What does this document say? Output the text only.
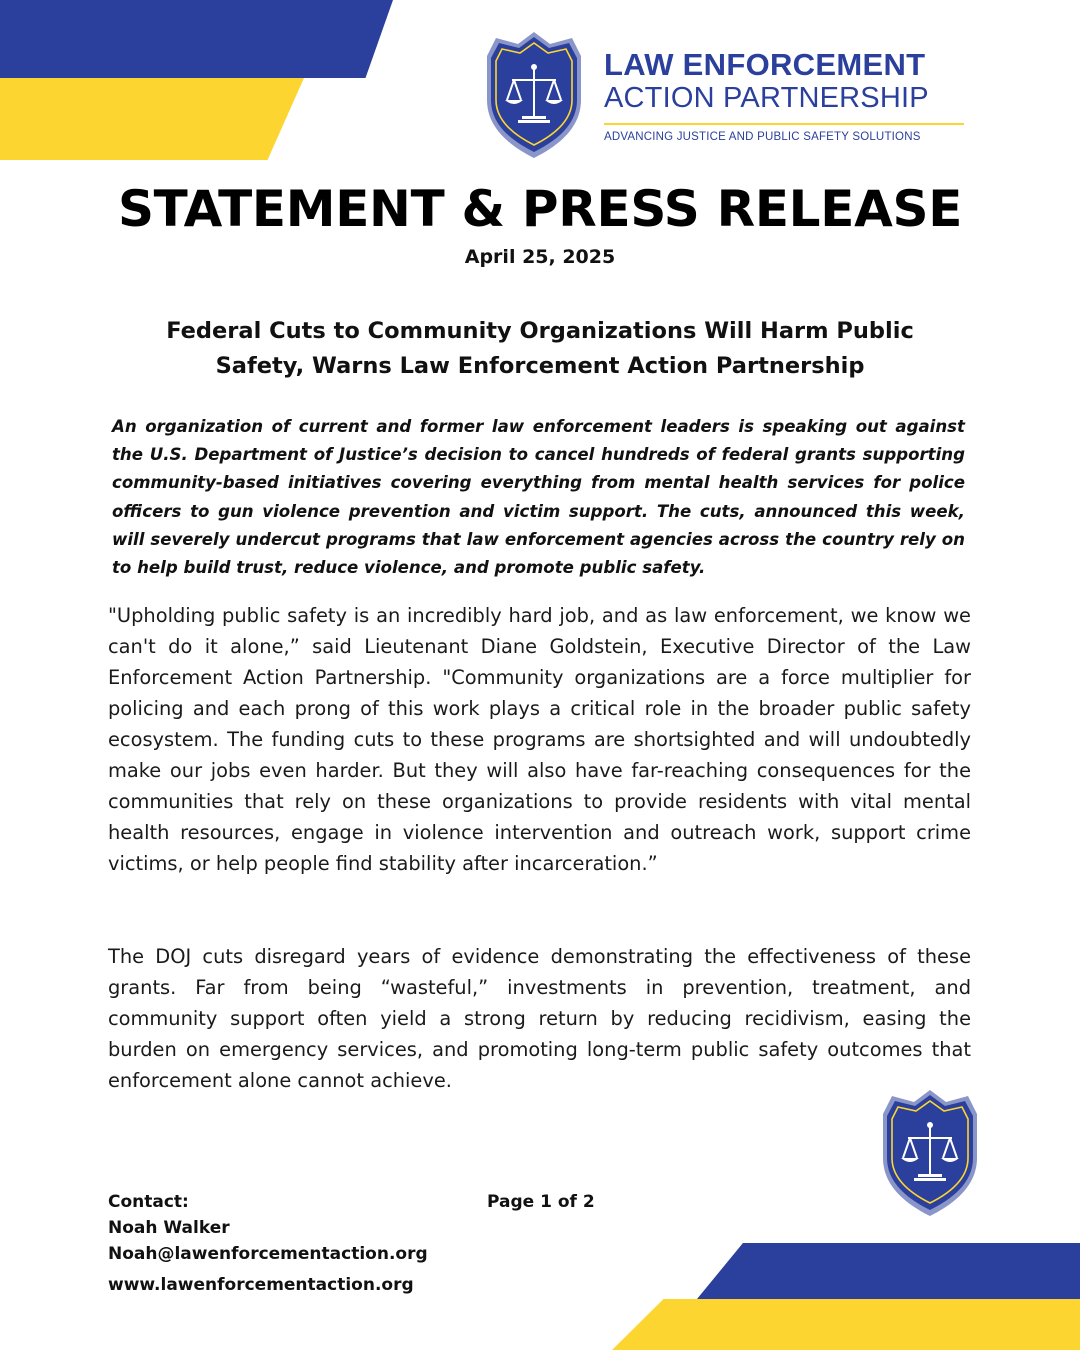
LAW ENFORCEMENT
ACTION PARTNERSHIP
ADVANCING JUSTICE AND PUBLIC SAFETY SOLUTIONS
STATEMENT & PRESS RELEASE
April 25, 2025
Federal Cuts to Community Organizations Will Harm Public
Safety, Warns Law Enforcement Action Partnership
An organization of current and former law enforcement leaders is speaking out against the U.S. Department of Justice’s decision to cancel hundreds of federal grants supporting community-based initiatives covering everything from mental health services for police officers to gun violence prevention and victim support. The cuts, announced this week, will severely undercut programs that law enforcement agencies across the country rely on to help build trust, reduce violence, and promote public safety.
"Upholding public safety is an incredibly hard job, and as law enforcement, we know we can't do it alone,” said Lieutenant Diane Goldstein, Executive Director of the Law Enforcement Action Partnership. "Community organizations are a force multiplier for policing and each prong of this work plays a critical role in the broader public safety ecosystem. The funding cuts to these programs are shortsighted and will undoubtedly make our jobs even harder. But they will also have far-reaching consequences for the communities that rely on these organizations to provide residents with vital mental health resources, engage in violence intervention and outreach work, support crime victims, or help people find stability after incarceration.”
The DOJ cuts disregard years of evidence demonstrating the effectiveness of these grants. Far from being “wasteful,” investments in prevention, treatment, and community support often yield a strong return by reducing recidivism, easing the burden on emergency services, and promoting long-term public safety outcomes that enforcement alone cannot achieve.
Contact:
Noah Walker
Noah@lawenforcementaction.org
www.lawenforcementaction.org
Page 1 of 2
